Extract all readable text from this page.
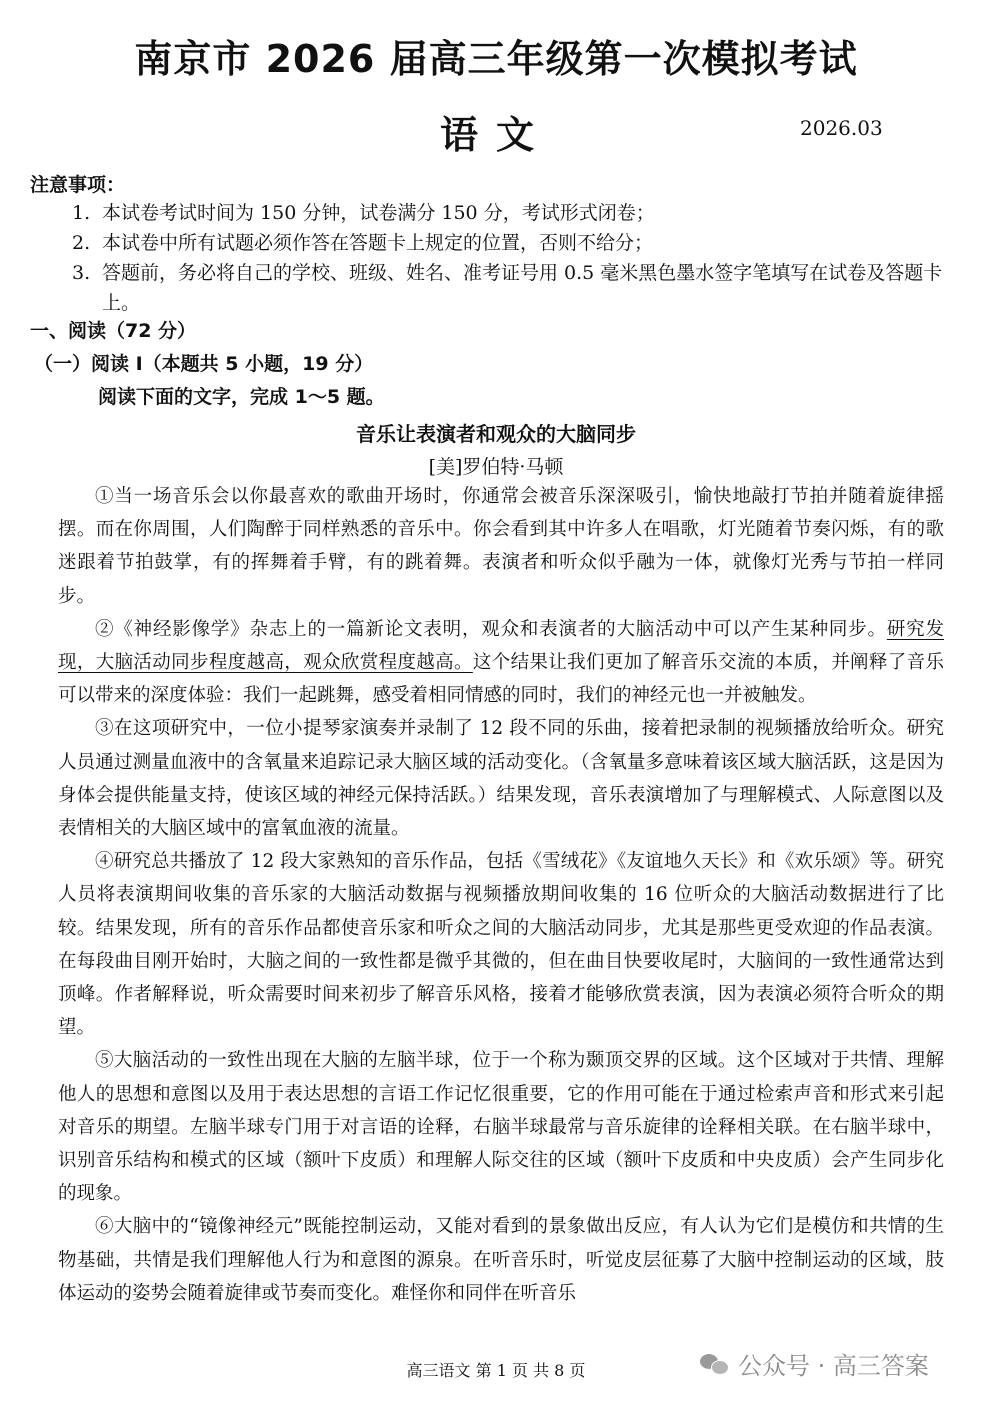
南京市 2026 届高三年级第一次模拟考试
语文	2026.03
注意事项：
1. 本试卷考试时间为 150 分钟，试卷满分 150 分，考试形式闭卷；
2. 本试卷中所有试题必须作答在答题卡上规定的位置，否则不给分；
3. 答题前，务必将自己的学校、班级、姓名、准考证号用 0.5 毫米黑色墨水签字笔填写在试卷及答题卡上。
一、阅读（72 分）
（一）阅读 I（本题共 5 小题，19 分）
阅读下面的文字，完成 1～5 题。
音乐让表演者和观众的大脑同步
[美]罗伯特·马顿

①当一场音乐会以你最喜欢的歌曲开场时，你通常会被音乐深深吸引，愉快地敲打节拍并随着旋律摇摆。而在你周围，人们陶醉于同样熟悉的音乐中。你会看到其中许多人在唱歌，灯光随着节奏闪烁，有的歌迷跟着节拍鼓掌，有的挥舞着手臂，有的跳着舞。表演者和听众似乎融为一体，就像灯光秀与节拍一样同步。

②《神经影像学》杂志上的一篇新论文表明，观众和表演者的大脑活动中可以产生某种同步。研究发现，大脑活动同步程度越高，观众欣赏程度越高。这个结果让我们更加了解音乐交流的本质，并阐释了音乐可以带来的深度体验：我们一起跳舞，感受着相同情感的同时，我们的神经元也一并被触发。

③在这项研究中，一位小提琴家演奏并录制了 12 段不同的乐曲，接着把录制的视频播放给听众。研究人员通过测量血液中的含氧量来追踪记录大脑区域的活动变化。（含氧量多意味着该区域大脑活跃，这是因为身体会提供能量支持，使该区域的神经元保持活跃。）结果发现，音乐表演增加了与理解模式、人际意图以及表情相关的大脑区域中的富氧血液的流量。

④研究总共播放了 12 段大家熟知的音乐作品，包括《雪绒花》《友谊地久天长》和《欢乐颂》等。研究人员将表演期间收集的音乐家的大脑活动数据与视频播放期间收集的 16 位听众的大脑活动数据进行了比较。结果发现，所有的音乐作品都使音乐家和听众之间的大脑活动同步，尤其是那些更受欢迎的作品表演。在每段曲目刚开始时，大脑之间的一致性都是微乎其微的，但在曲目快要收尾时，大脑间的一致性通常达到顶峰。作者解释说，听众需要时间来初步了解音乐风格，接着才能够欣赏表演，因为表演必须符合听众的期望。

⑤大脑活动的一致性出现在大脑的左脑半球，位于一个称为颞顶交界的区域。这个区域对于共情、理解他人的思想和意图以及用于表达思想的言语工作记忆很重要，它的作用可能在于通过检索声音和形式来引起对音乐的期望。左脑半球专门用于对言语的诠释，右脑半球最常与音乐旋律的诠释相关联。在右脑半球中，识别音乐结构和模式的区域（额叶下皮质）和理解人际交往的区域（额叶下皮质和中央皮质）会产生同步化的现象。

⑥大脑中的“镜像神经元”既能控制运动，又能对看到的景象做出反应，有人认为它们是模仿和共情的生物基础，共情是我们理解他人行为和意图的源泉。在听音乐时，听觉皮层征募了大脑中控制运动的区域，肢体运动的姿势会随着旋律或节奏而变化。难怪你和同伴在听音乐

高三语文 第 1 页 共 8 页	公众号 · 高三答案
